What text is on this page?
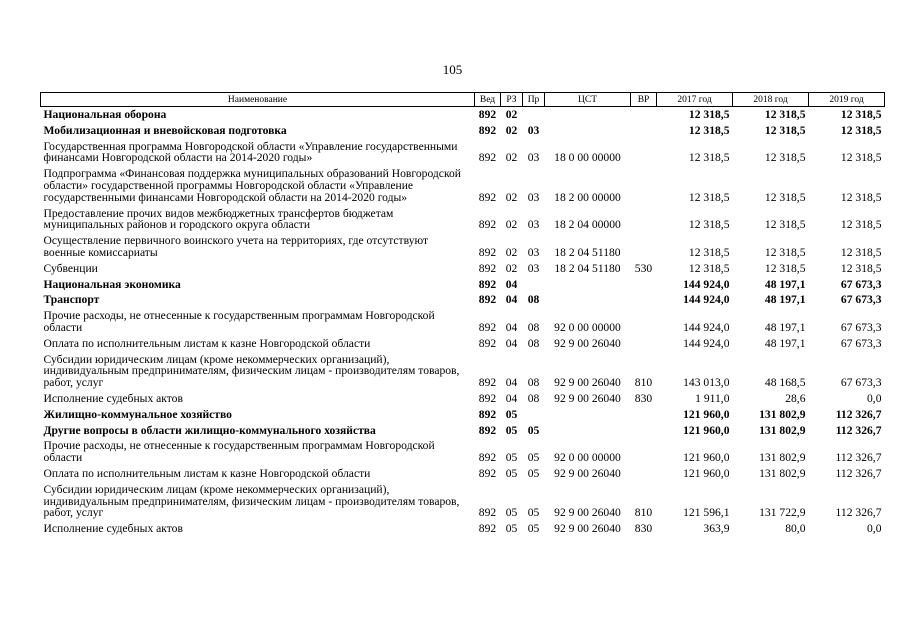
105
Наименование	Вед	РЗ	Пр	ЦСТ	ВР	2017 год	2018 год	2019 год
Национальная оборона	892	02				12 318,5	12 318,5	12 318,5
Мобилизационная и вневойсковая подготовка	892	02	03			12 318,5	12 318,5	12 318,5
Государственная программа Новгородской области «Управление государственными финансами Новгородской области на 2014-2020 годы»	892	02	03	18 0 00 00000		12 318,5	12 318,5	12 318,5
Подпрограмма «Финансовая поддержка муниципальных образований Новгородской области» государственной программы Новгородской области «Управление государственными финансами Новгородской области на 2014-2020 годы»	892	02	03	18 2 00 00000		12 318,5	12 318,5	12 318,5
Предоставление прочих видов межбюджетных трансфертов бюджетам муниципальных районов и городского округа области	892	02	03	18 2 04 00000		12 318,5	12 318,5	12 318,5
Осуществление первичного воинского учета на территориях, где отсутствуют военные комиссариаты	892	02	03	18 2 04 51180		12 318,5	12 318,5	12 318,5
Субвенции	892	02	03	18 2 04 51180	530	12 318,5	12 318,5	12 318,5
Национальная экономика	892	04				144 924,0	48 197,1	67 673,3
Транспорт	892	04	08			144 924,0	48 197,1	67 673,3
Прочие расходы, не отнесенные к государственным программам Новгородской области	892	04	08	92 0 00 00000		144 924,0	48 197,1	67 673,3
Оплата по исполнительным листам к казне Новгородской области	892	04	08	92 9 00 26040		144 924,0	48 197,1	67 673,3
Субсидии юридическим лицам (кроме некоммерческих организаций), индивидуальным предпринимателям, физическим лицам - производителям товаров, работ, услуг	892	04	08	92 9 00 26040	810	143 013,0	48 168,5	67 673,3
Исполнение судебных актов	892	04	08	92 9 00 26040	830	1 911,0	28,6	0,0
Жилищно-коммунальное хозяйство	892	05				121 960,0	131 802,9	112 326,7
Другие вопросы в области жилищно-коммунального хозяйства	892	05	05			121 960,0	131 802,9	112 326,7
Прочие расходы, не отнесенные к государственным программам Новгородской области	892	05	05	92 0 00 00000		121 960,0	131 802,9	112 326,7
Оплата по исполнительным листам к казне Новгородской области	892	05	05	92 9 00 26040		121 960,0	131 802,9	112 326,7
Субсидии юридическим лицам (кроме некоммерческих организаций), индивидуальным предпринимателям, физическим лицам - производителям товаров, работ, услуг	892	05	05	92 9 00 26040	810	121 596,1	131 722,9	112 326,7
Исполнение судебных актов	892	05	05	92 9 00 26040	830	363,9	80,0	0,0
